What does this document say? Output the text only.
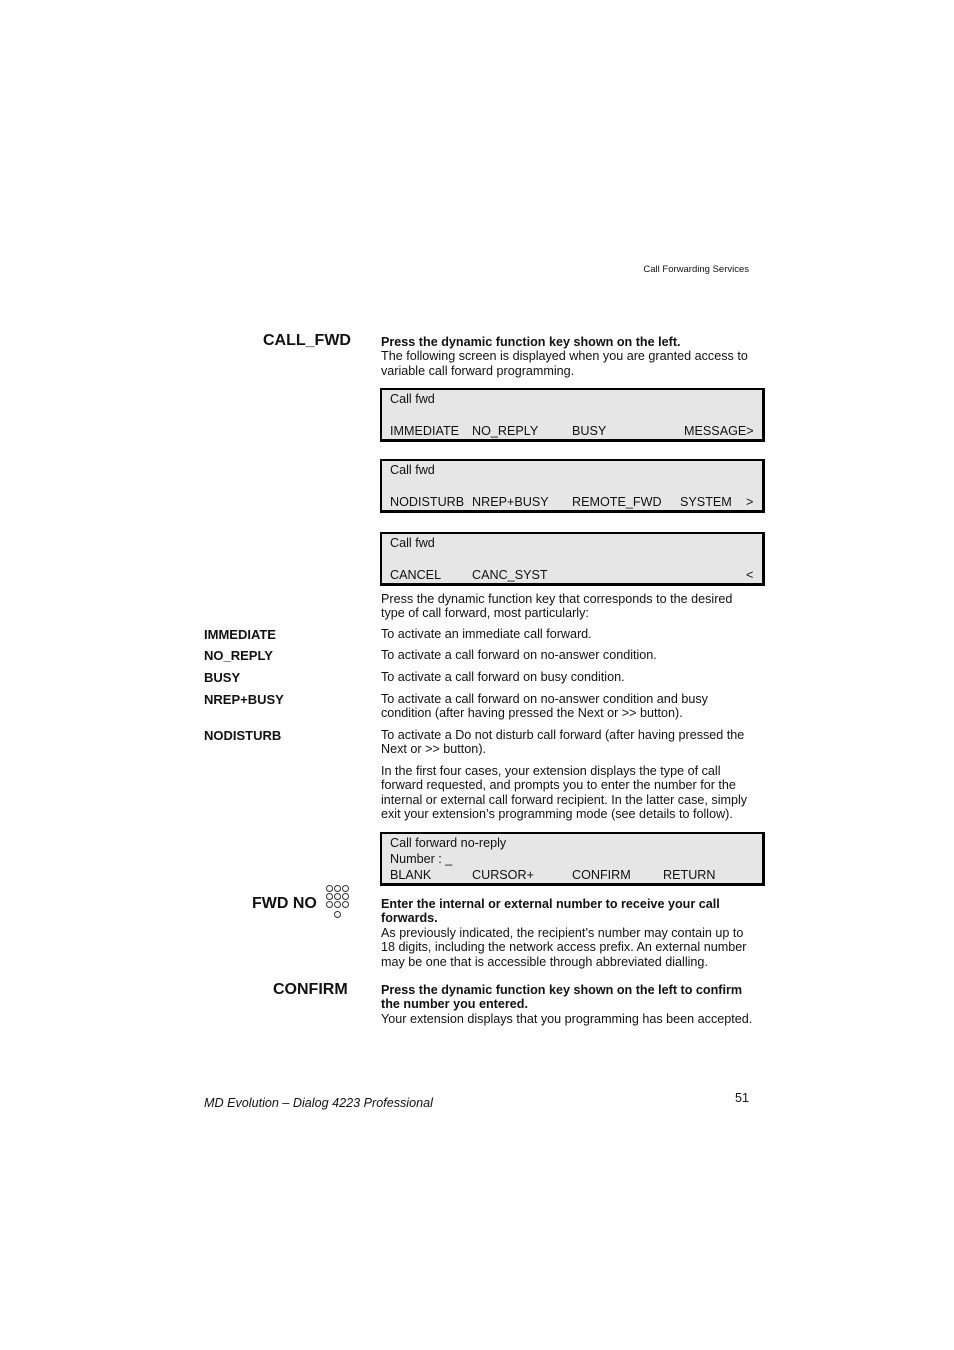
Call Forwarding Services
CALL_FWD Press the dynamic function key shown on the left.
The following screen is displayed when you are granted access to variable call forward programming.
Call fwd
IMMEDIATE NO_REPLY	BUSY	MESSAGE>
Call fwd
NODISTURB NREP+BUSY REMOTE_FWD SYSTEM >
Call fwd
CANCEL CANC_SYST	<
Press the dynamic function key that corresponds to the desired type of call forward, most particularly:
IMMEDIATE	To activate an immediate call forward.
NO_REPLY	To activate a call forward on no-answer condition.
BUSY	To activate a call forward on busy condition.
NREP+BUSY	To activate a call forward on no-answer condition and busy condition (after having pressed the Next or >> button).
NODISTURB	To activate a Do not disturb call forward (after having pressed the Next or >> button).
In the first four cases, your extension displays the type of call forward requested, and prompts you to enter the number for the internal or external call forward recipient. In the latter case, simply exit your extension’s programming mode (see details to follow).
Call forward no-reply
Number : _
BLANK	CURSOR+	CONFIRM	RETURN
FWD NO	Enter the internal or external number to receive your call forwards.
As previously indicated, the recipient’s number may contain up to 18 digits, including the network access prefix. An external number may be one that is accessible through abbreviated dialling.
CONFIRM	Press the dynamic function key shown on the left to confirm the number you entered.
Your extension displays that you programming has been accepted.
MD Evolution – Dialog 4223 Professional	51
